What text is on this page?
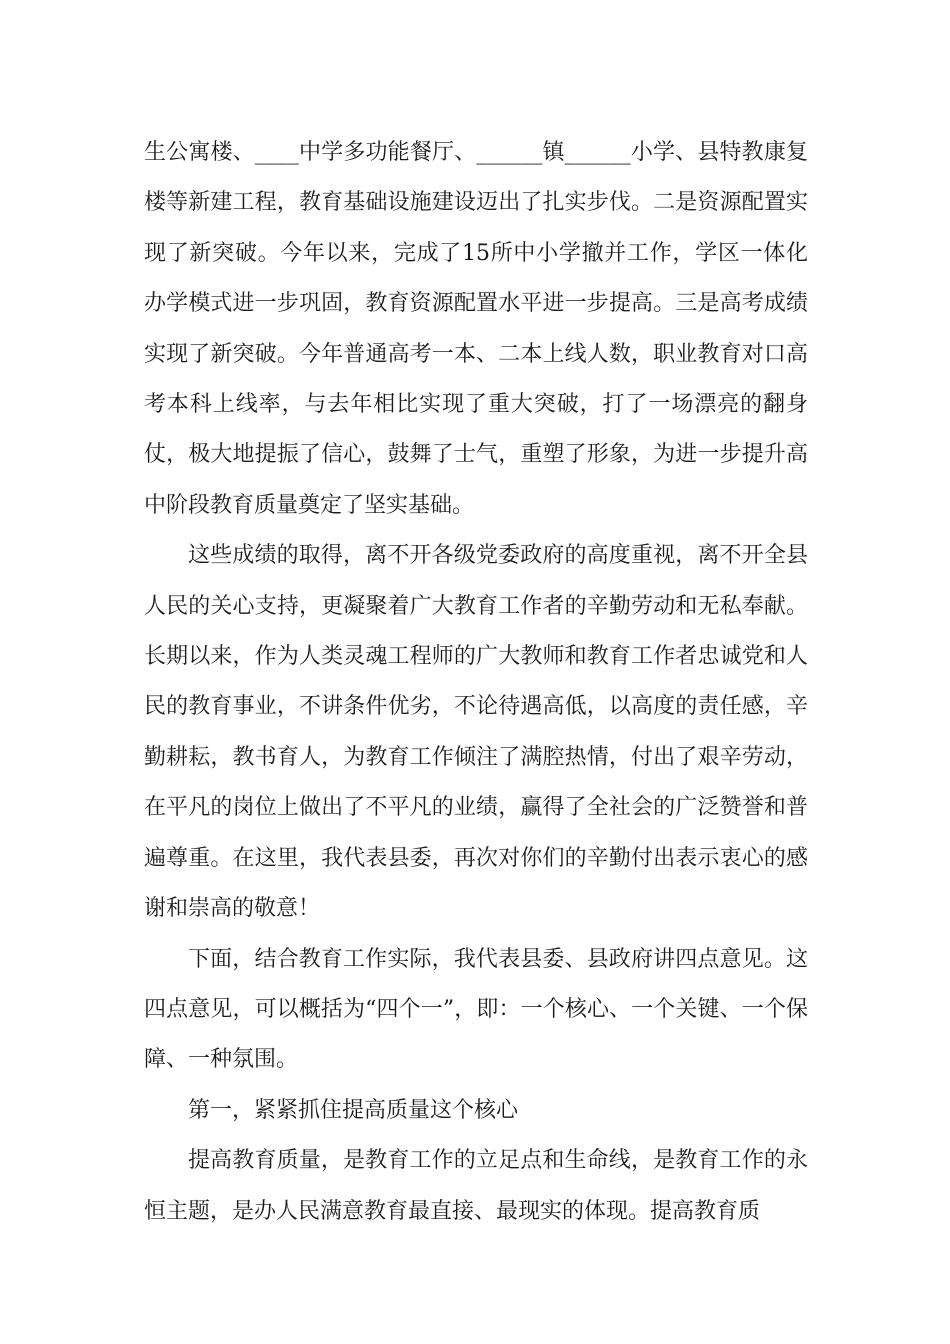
生公寓楼、____中学多功能餐厅、______镇______小学、县特教康复楼等新建工程，教育基础设施建设迈出了扎实步伐。二是资源配置实现了新突破。今年以来，完成了15所中小学撤并工作，学区一体化办学模式进一步巩固，教育资源配置水平进一步提高。三是高考成绩实现了新突破。今年普通高考一本、二本上线人数，职业教育对口高考本科上线率，与去年相比实现了重大突破，打了一场漂亮的翻身仗，极大地提振了信心，鼓舞了士气，重塑了形象，为进一步提升高中阶段教育质量奠定了坚实基础。

这些成绩的取得，离不开各级党委政府的高度重视，离不开全县人民的关心支持，更凝聚着广大教育工作者的辛勤劳动和无私奉献。长期以来，作为人类灵魂工程师的广大教师和教育工作者忠诚党和人民的教育事业，不讲条件优劣，不论待遇高低，以高度的责任感，辛勤耕耘，教书育人，为教育工作倾注了满腔热情，付出了艰辛劳动，在平凡的岗位上做出了不平凡的业绩，赢得了全社会的广泛赞誉和普遍尊重。在这里，我代表县委，再次对你们的辛勤付出表示衷心的感谢和崇高的敬意！

下面，结合教育工作实际，我代表县委、县政府讲四点意见。这四点意见，可以概括为“四个一”，即：一个核心、一个关键、一个保障、一种氛围。

第一，紧紧抓住提高质量这个核心

提高教育质量，是教育工作的立足点和生命线，是教育工作的永恒主题，是办人民满意教育最直接、最现实的体现。提高教育质
